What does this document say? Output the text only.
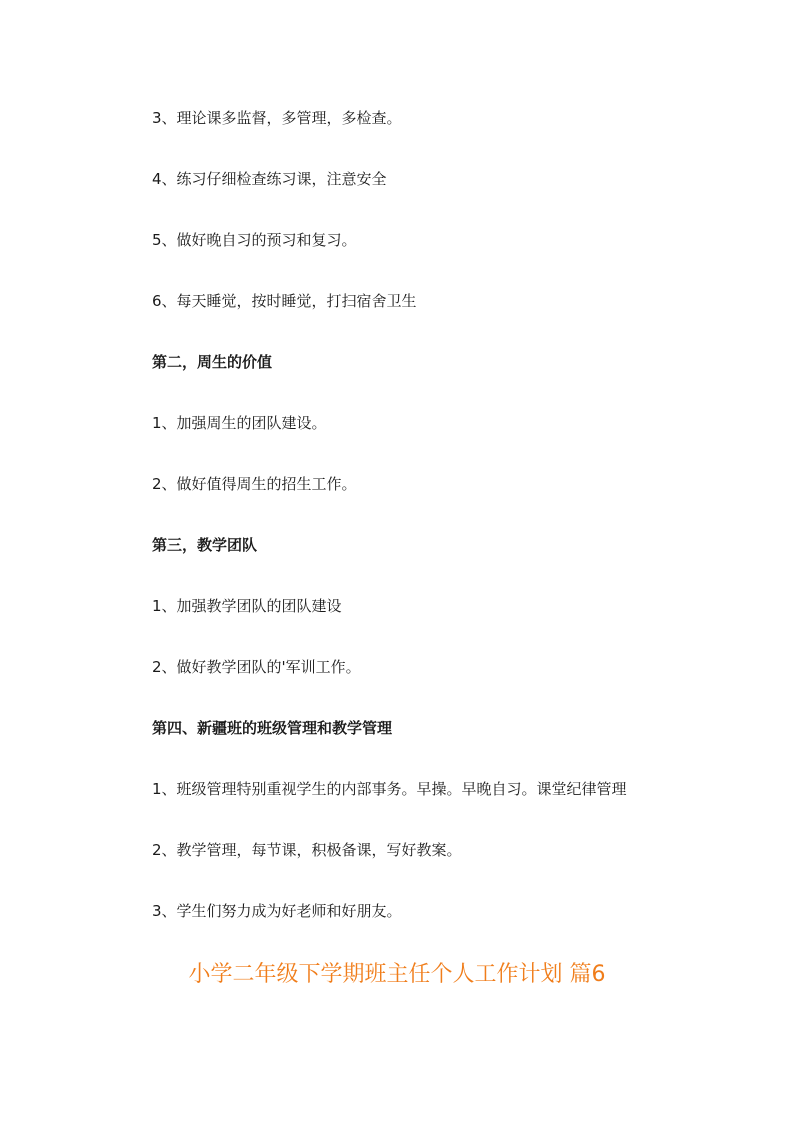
3、理论课多监督，多管理，多检查。
4、练习仔细检查练习课，注意安全
5、做好晚自习的预习和复习。
6、每天睡觉，按时睡觉，打扫宿舍卫生
第二，周生的价值
1、加强周生的团队建设。
2、做好值得周生的招生工作。
第三，教学团队
1、加强教学团队的团队建设
2、做好教学团队的'军训工作。
第四、新疆班的班级管理和教学管理
1、班级管理特别重视学生的内部事务。早操。早晚自习。课堂纪律管理
2、教学管理，每节课，积极备课，写好教案。
3、学生们努力成为好老师和好朋友。
小学二年级下学期班主任个人工作计划 篇6
